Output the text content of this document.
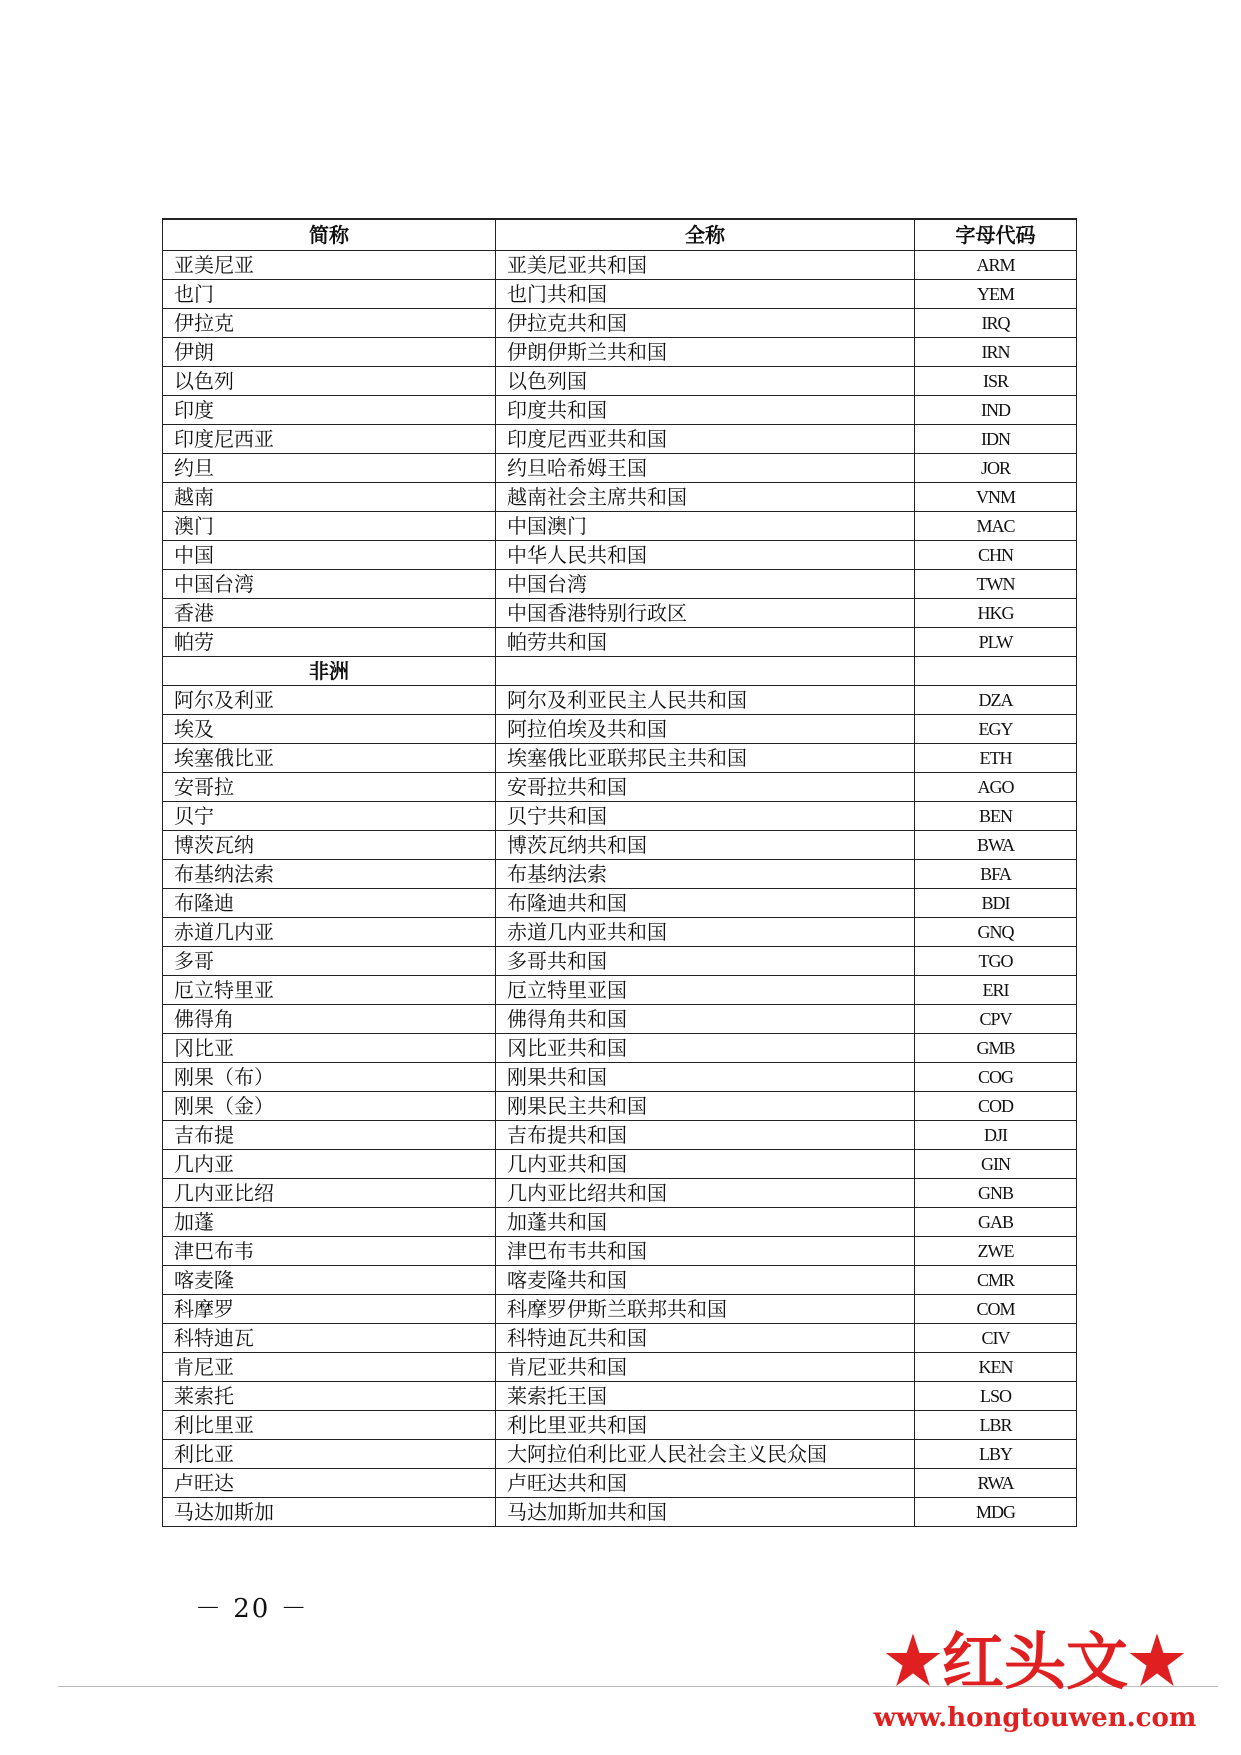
简称	全称	字母代码
亚美尼亚	亚美尼亚共和国	ARM
也门	也门共和国	YEM
伊拉克	伊拉克共和国	IRQ
伊朗	伊朗伊斯兰共和国	IRN
以色列	以色列国	ISR
印度	印度共和国	IND
印度尼西亚	印度尼西亚共和国	IDN
约旦	约旦哈希姆王国	JOR
越南	越南社会主席共和国	VNM
澳门	中国澳门	MAC
中国	中华人民共和国	CHN
中国台湾	中国台湾	TWN
香港	中国香港特别行政区	HKG
帕劳	帕劳共和国	PLW
非洲		
阿尔及利亚	阿尔及利亚民主人民共和国	DZA
埃及	阿拉伯埃及共和国	EGY
埃塞俄比亚	埃塞俄比亚联邦民主共和国	ETH
安哥拉	安哥拉共和国	AGO
贝宁	贝宁共和国	BEN
博茨瓦纳	博茨瓦纳共和国	BWA
布基纳法索	布基纳法索	BFA
布隆迪	布隆迪共和国	BDI
赤道几内亚	赤道几内亚共和国	GNQ
多哥	多哥共和国	TGO
厄立特里亚	厄立特里亚国	ERI
佛得角	佛得角共和国	CPV
冈比亚	冈比亚共和国	GMB
刚果（布）	刚果共和国	COG
刚果（金）	刚果民主共和国	COD
吉布提	吉布提共和国	DJI
几内亚	几内亚共和国	GIN
几内亚比绍	几内亚比绍共和国	GNB
加蓬	加蓬共和国	GAB
津巴布韦	津巴布韦共和国	ZWE
喀麦隆	喀麦隆共和国	CMR
科摩罗	科摩罗伊斯兰联邦共和国	COM
科特迪瓦	科特迪瓦共和国	CIV
肯尼亚	肯尼亚共和国	KEN
莱索托	莱索托王国	LSO
利比里亚	利比里亚共和国	LBR
利比亚	大阿拉伯利比亚人民社会主义民众国	LBY
卢旺达	卢旺达共和国	RWA
马达加斯加	马达加斯加共和国	MDG
－ 20 －
红头文
www.hongtouwen.com
